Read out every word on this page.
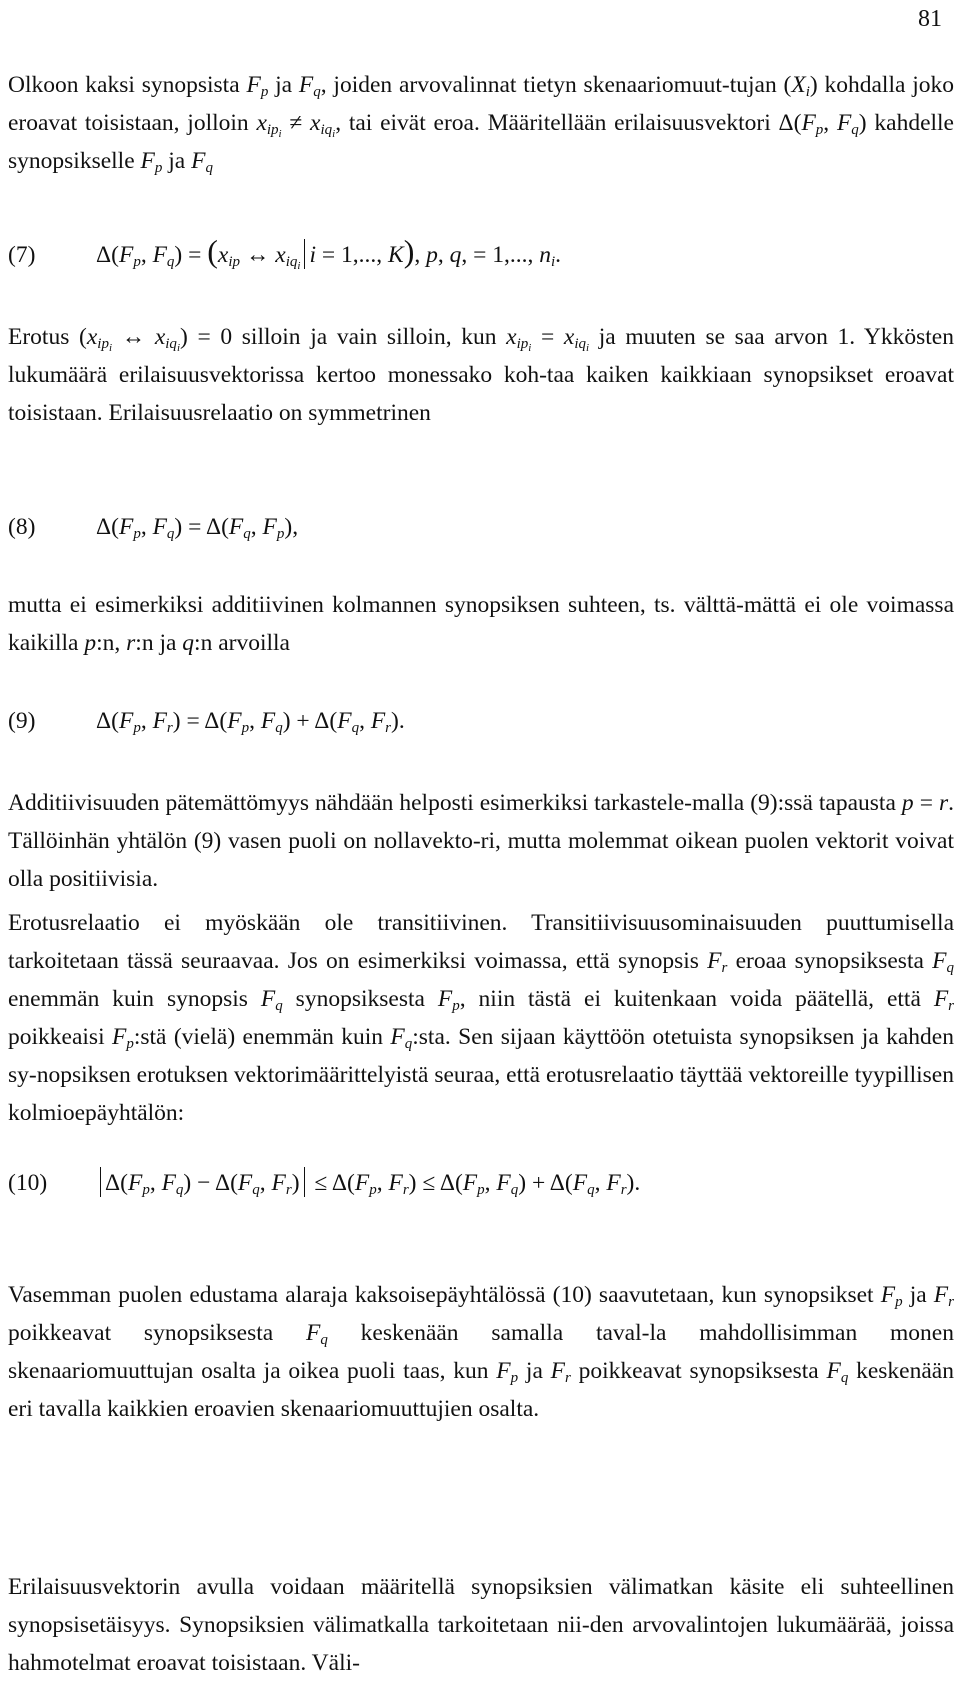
81
Olkoon kaksi synopsista $F_p$ ja $F_q$, joiden arvovalinnat tietyn skenaariomuut-tujan $(X_i)$ kohdalla joko eroavat toisistaan, jolloin $x_{ip_i} \ne x_{iq_i}$, tai eivät eroa. Määritellään erilaisuusvektori $\Delta(F_p$, $F_q$) kahdelle synopsikselle $F_p$ ja $F_q$
(7)	$\Delta(F_p$, $F_q) = (x_{ip}$ ↔ $x_{iq_i}$ i = 1,..., K), p, q, = 1,..., $n_i$.
Erotus ($x_{ip_i}$ ↔ $x_{iq_i}) = 0$ silloin ja vain silloin, kun $x_{ip_i} = x_{iq_i}$ ja muuten se saa arvon 1. Ykkösten lukumäärä erilaisuusvektorissa kertoo monessako koh-taa kaiken kaikkiaan synopsikset eroavat toisistaan. Erilaisuusrelaatio on symmetrinen
(8)	$\Delta(F_p$, $F_q) = \Delta(F_q$, $F_p$),
mutta ei esimerkiksi additiivinen kolmannen synopsiksen suhteen, ts. välttä-mättä ei ole voimassa kaikilla p:n, r:n ja q:n arvoilla
(9)	$\Delta(F_p$, $F_r) = \Delta(F_p$, $F_q) + \Delta(F_q$, $F_r$).
Additiivisuuden pätemättömyys nähdään helposti esimerkiksi tarkastele-malla (9):ssä tapausta p = r. Tällöinhän yhtälön (9) vasen puoli on nollavekto-ri, mutta molemmat oikean puolen vektorit voivat olla positiivisia.
Erotusrelaatio ei myöskään ole transitiivinen. Transitiivisuusominaisuuden puuttumisella tarkoitetaan tässä seuraavaa. Jos on esimerkiksi voimassa, että synopsis $F_r$ eroaa synopsiksesta $F_q$ enemmän kuin synopsis $F_q$ synopsiksesta $F_p$, niin tästä ei kuitenkaan voida päätellä, että $F_r$ poikkeaisi $F_p:stä$ (vielä) enemmän kuin $F_q:sta$. Sen sijaan käyttöön otetuista synopsiksen ja kahden sy-nopsiksen erotuksen vektorimäärittelyistä seuraa, että erotusrelaatio täyttää vektoreille tyypillisen kolmioepäyhtälön:
(10) $\Delta(F_p$, $F_q) - \Delta(F_q$, $F_r) \le \Delta(F_p$, $F_r) \le \Delta(F_p$, $F_q) + \Delta(F_q$, $F_r$).
Vasemman puolen edustama alaraja kaksoisepäyhtälössä (10) saavutetaan, kun synopsikset $F_p$ ja $F_r$ poikkeavat synopsiksesta $F_q$ keskenään samalla taval-la mahdollisimman monen skenaariomuuttujan osalta ja oikea puoli taas, kun $F_p$ ja $F_r$ poikkeavat synopsiksesta $F_q$ keskenään eri tavalla kaikkien eroavien skenaariomuuttujien osalta.
Erilaisuusvektorin avulla voidaan määritellä synopsiksien välimatkan käsite eli suhteellinen synopsisetäisyys. Synopsiksien välimatkalla tarkoitetaan nii-den arvovalintojen lukumäärää, joissa hahmotelmat eroavat toisistaan. Väli-
